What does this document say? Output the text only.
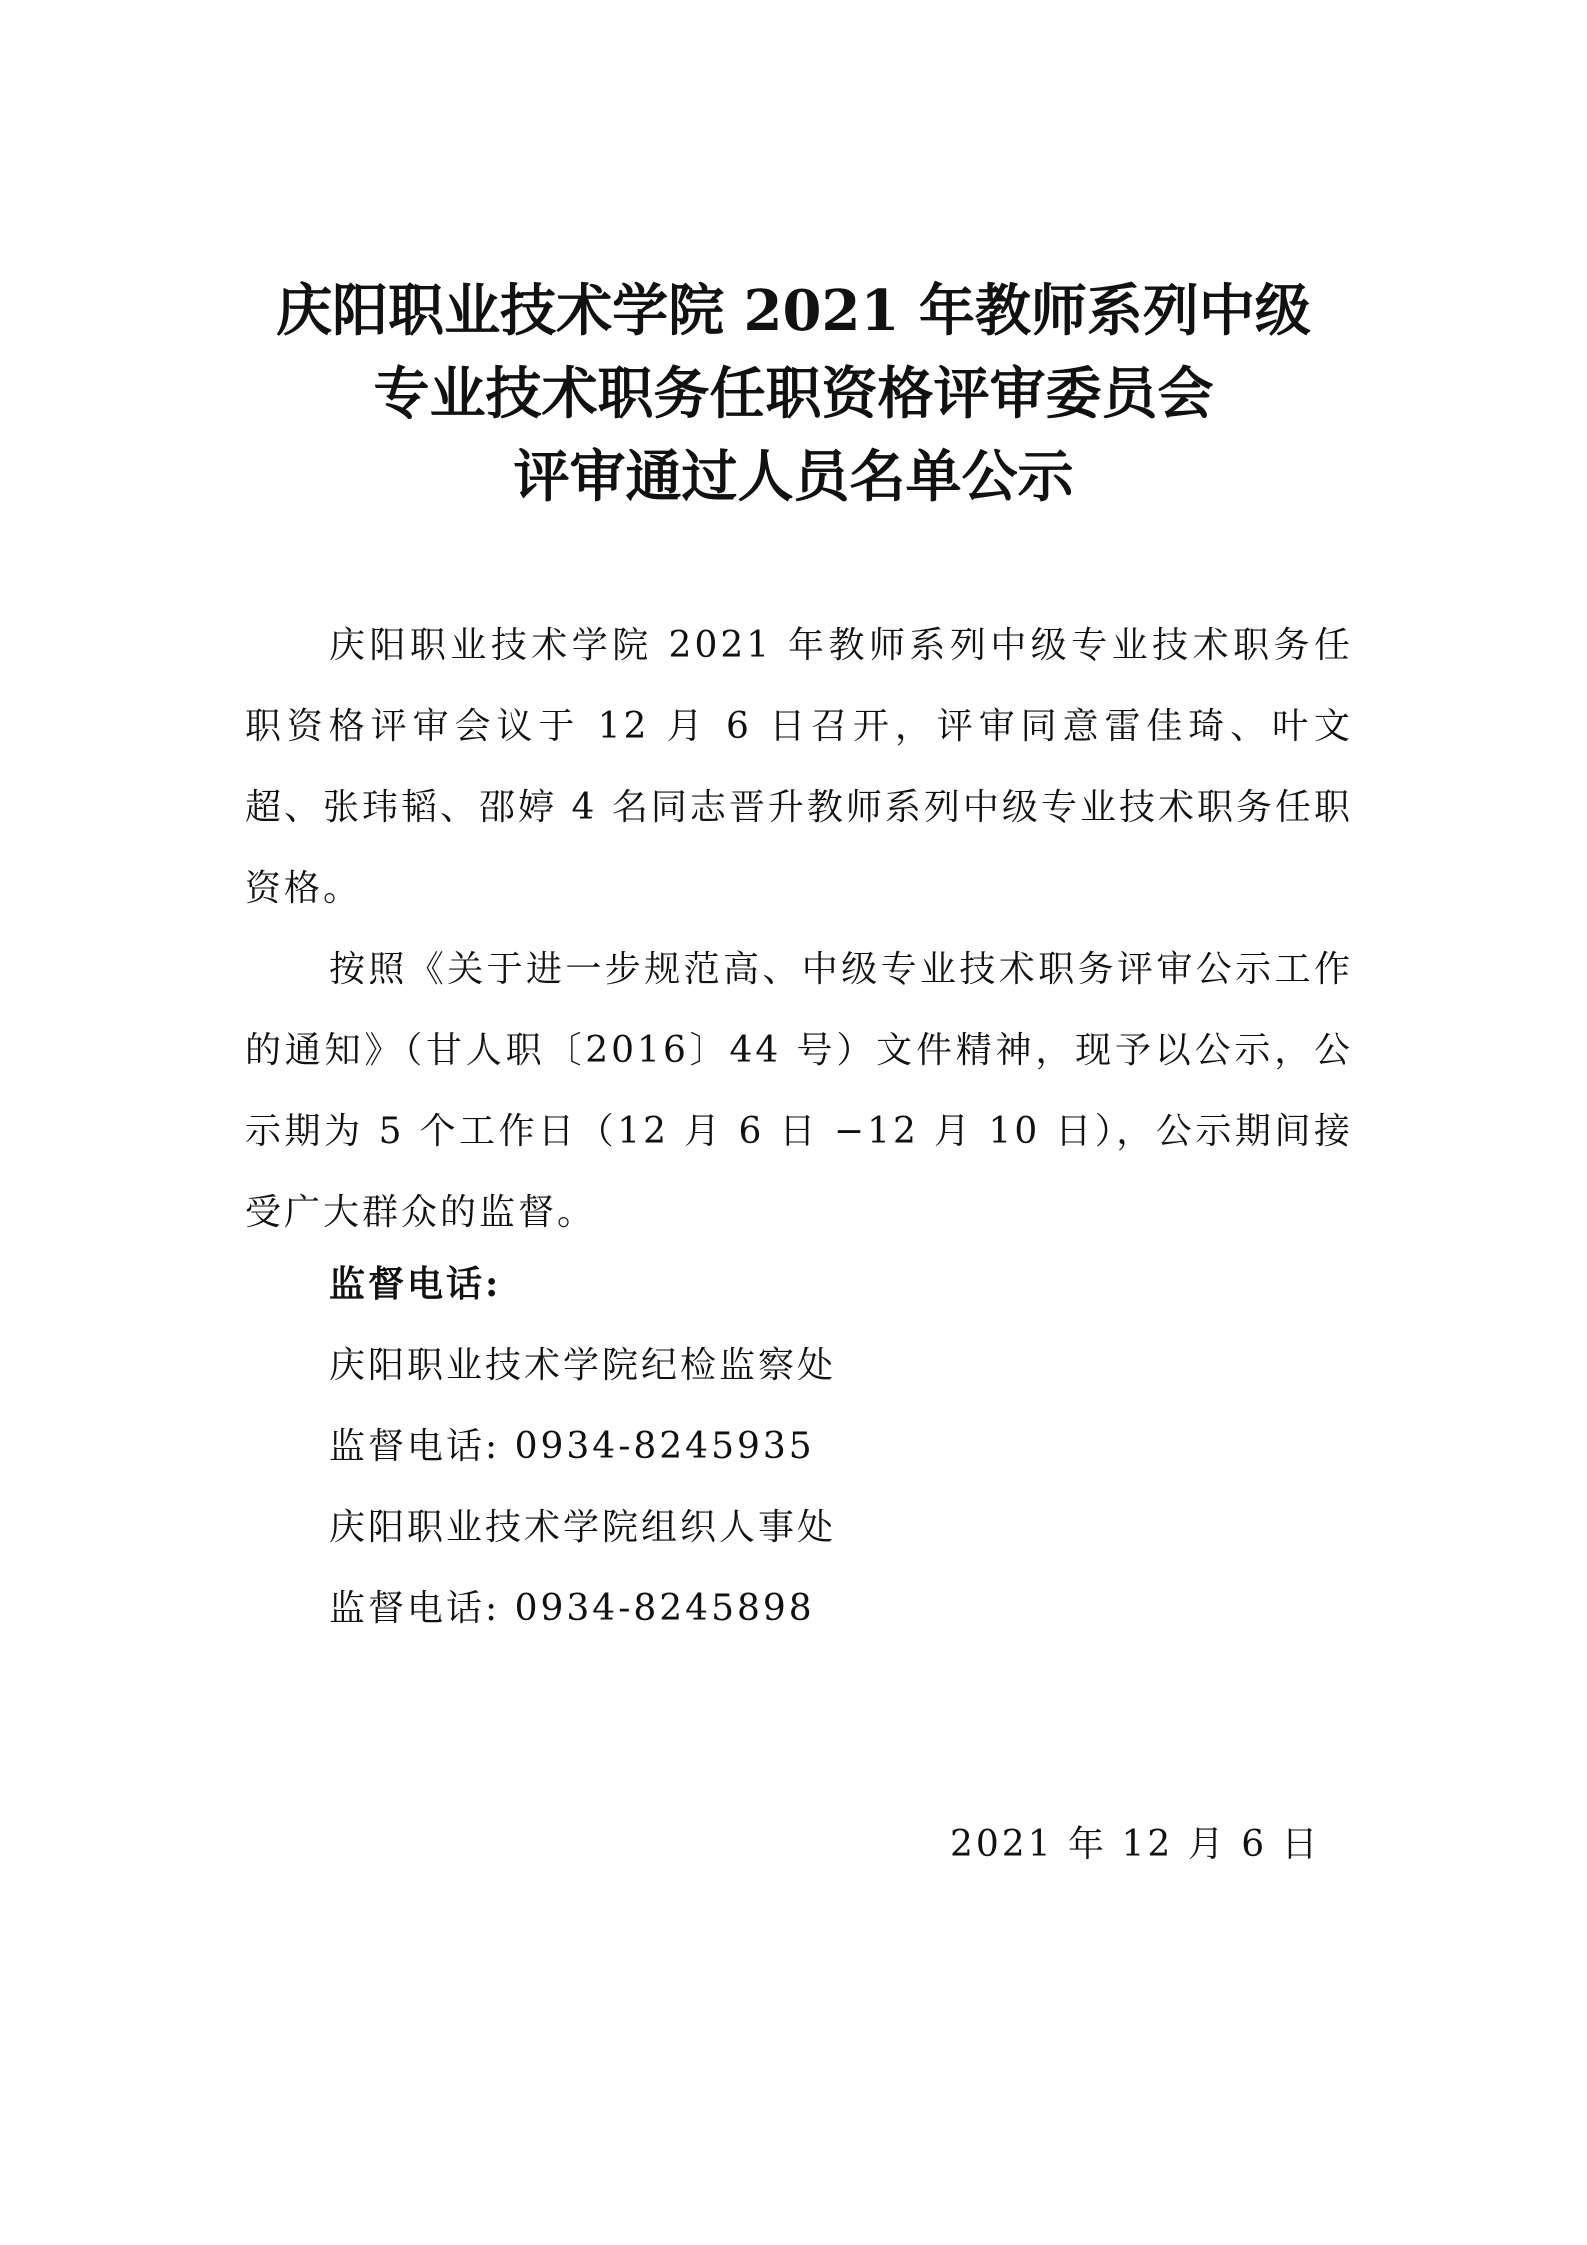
庆阳职业技术学院 2021 年教师系列中级
专业技术职务任职资格评审委员会
评审通过人员名单公示

庆阳职业技术学院 2021 年教师系列中级专业技术职务任职资格评审会议于 12 月 6 日召开，评审同意雷佳琦、叶文超、张玮韬、邵婷 4 名同志晋升教师系列中级专业技术职务任职资格。

按照《关于进一步规范高、中级专业技术职务评审公示工作的通知》（甘人职〔2016〕44 号）文件精神，现予以公示，公示期为 5 个工作日（12 月 6 日 −12 月 10 日），公示期间接受广大群众的监督。

监督电话:

庆阳职业技术学院纪检监察处

监督电话: 0934-8245935

庆阳职业技术学院组织人事处

监督电话: 0934-8245898

2021 年 12 月 6 日
